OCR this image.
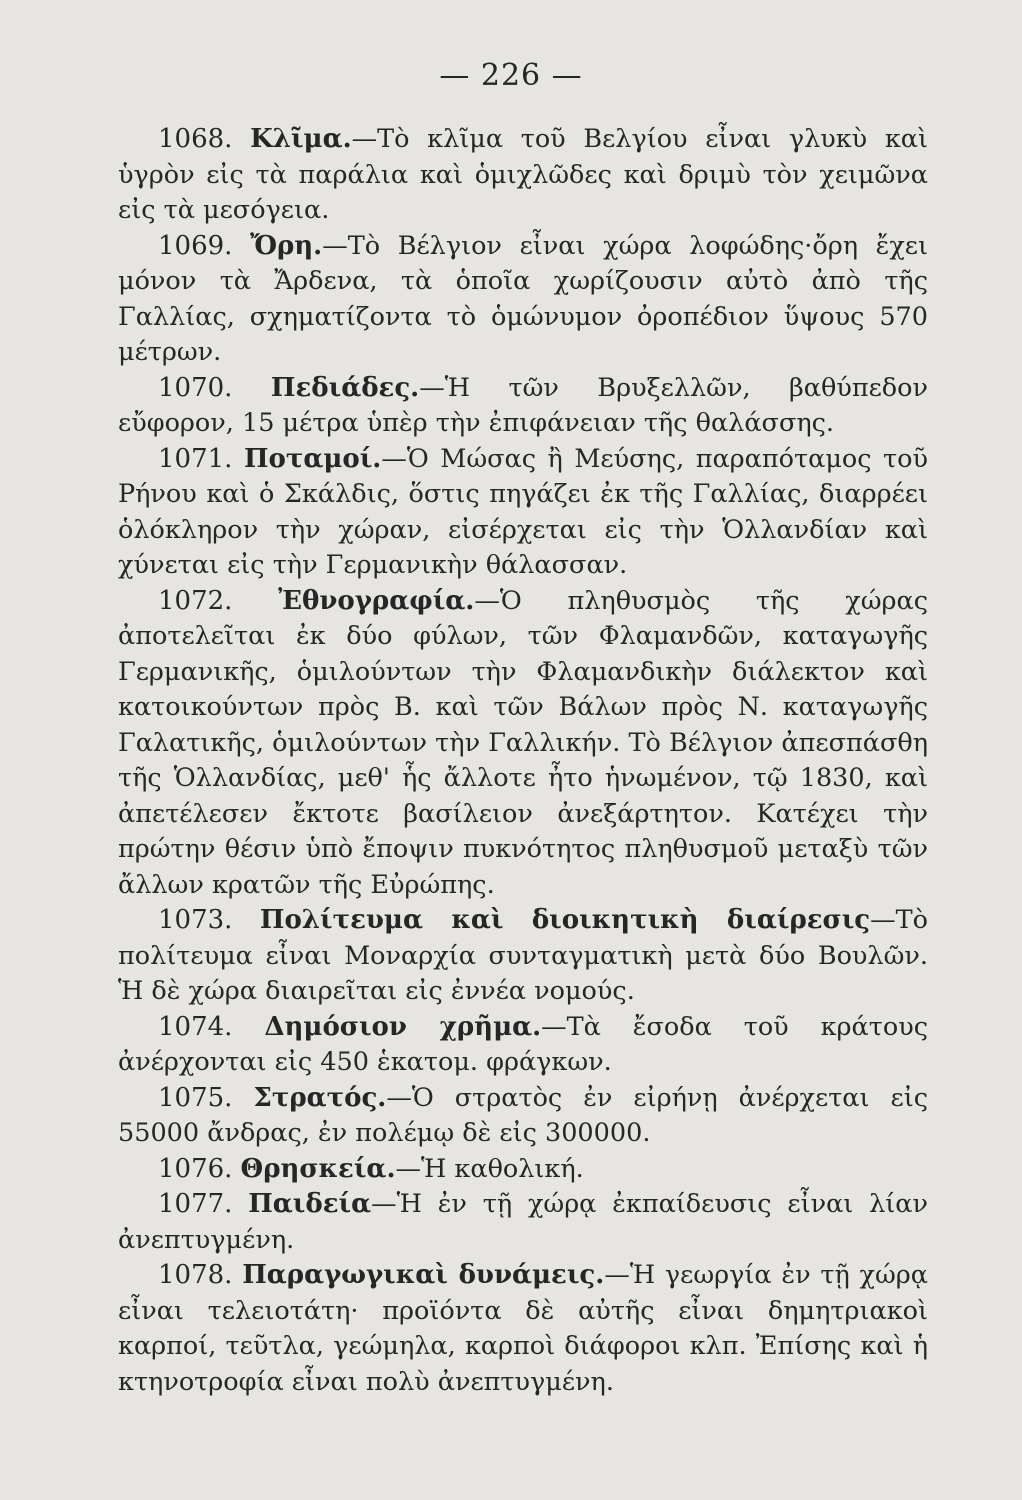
— 226 —

1068. Κλῖμα.—Τὸ κλῖμα τοῦ Βελγίου εἶναι γλυκὺ καὶ ὑγρὸν εἰς τὰ παράλια καὶ ὁμιχλῶδες καὶ δριμὺ τὸν χειμῶνα εἰς τὰ μεσόγεια.

1069. Ὄρη.—Τὸ Βέλγιον εἶναι χώρα λοφώδης·ὄρη ἔχει μόνον τὰ Ἄρδενα, τὰ ὁποῖα χωρίζουσιν αὐτὸ ἀπὸ τῆς Γαλλίας, σχηματίζοντα τὸ ὁμώνυμον ὀροπέδιον ὕψους 570 μέτρων.

1070. Πεδιάδες.—Ἡ τῶν Βρυξελλῶν, βαθύπεδον εὔφορον, 15 μέτρα ὑπὲρ τὴν ἐπιφάνειαν τῆς θαλάσσης.

1071. Ποταμοί.—Ὁ Μώσας ἢ Μεύσης, παραπόταμος τοῦ Ρήνου καὶ ὁ Σκάλδις, ὅστις πηγάζει ἐκ τῆς Γαλλίας, διαρρέει ὁλόκληρον τὴν χώραν, εἰσέρχεται εἰς τὴν Ὁλλανδίαν καὶ χύνεται εἰς τὴν Γερμανικὴν θάλασσαν.

1072. Ἐθνογραφία.—Ὁ πληθυσμὸς τῆς χώρας ἀποτελεῖται ἐκ δύο φύλων, τῶν Φλαμανδῶν, καταγωγῆς Γερμανικῆς, ὁμιλούντων τὴν Φλαμανδικὴν διάλεκτον καὶ κατοικούντων πρὸς Β. καὶ τῶν Βάλων πρὸς Ν. καταγωγῆς Γαλατικῆς, ὁμιλούντων τὴν Γαλλικήν. Τὸ Βέλγιον ἀπεσπάσθη τῆς Ὁλλανδίας, μεθ' ἧς ἄλλοτε ἦτο ἡνωμένον, τῷ 1830, καὶ ἀπετέλεσεν ἔκτοτε βασίλειον ἀνεξάρτητον. Κατέχει τὴν πρώτην θέσιν ὑπὸ ἔποψιν πυκνότητος πληθυσμοῦ μεταξὺ τῶν ἄλλων κρατῶν τῆς Εὐρώπης.

1073. Πολίτευμα καὶ διοικητικὴ διαίρεσις—Τὸ πολίτευμα εἶναι Μοναρχία συνταγματικὴ μετὰ δύο Βουλῶν. Ἡ δὲ χώρα διαιρεῖται εἰς ἐννέα νομούς.

1074. Δημόσιον χρῆμα.—Τὰ ἔσοδα τοῦ κράτους ἀνέρχονται εἰς 450 ἑκατομ. φράγκων.

1075. Στρατός.—Ὁ στρατὸς ἐν εἰρήνῃ ἀνέρχεται εἰς 55000 ἄνδρας, ἐν πολέμῳ δὲ εἰς 300000.

1076. Θρησκεία.—Ἡ καθολική.

1077. Παιδεία—Ἡ ἐν τῇ χώρᾳ ἐκπαίδευσις εἶναι λίαν ἀνεπτυγμένη.

1078. Παραγωγικαὶ δυνάμεις.—Ἡ γεωργία ἐν τῇ χώρᾳ εἶναι τελειοτάτη· προϊόντα δὲ αὐτῆς εἶναι δημητριακοὶ καρποί, τεῦτλα, γεώμηλα, καρποὶ διάφοροι κλπ. Ἐπίσης καὶ ἡ κτηνοτροφία εἶναι πολὺ ἀνεπτυγμένη.
